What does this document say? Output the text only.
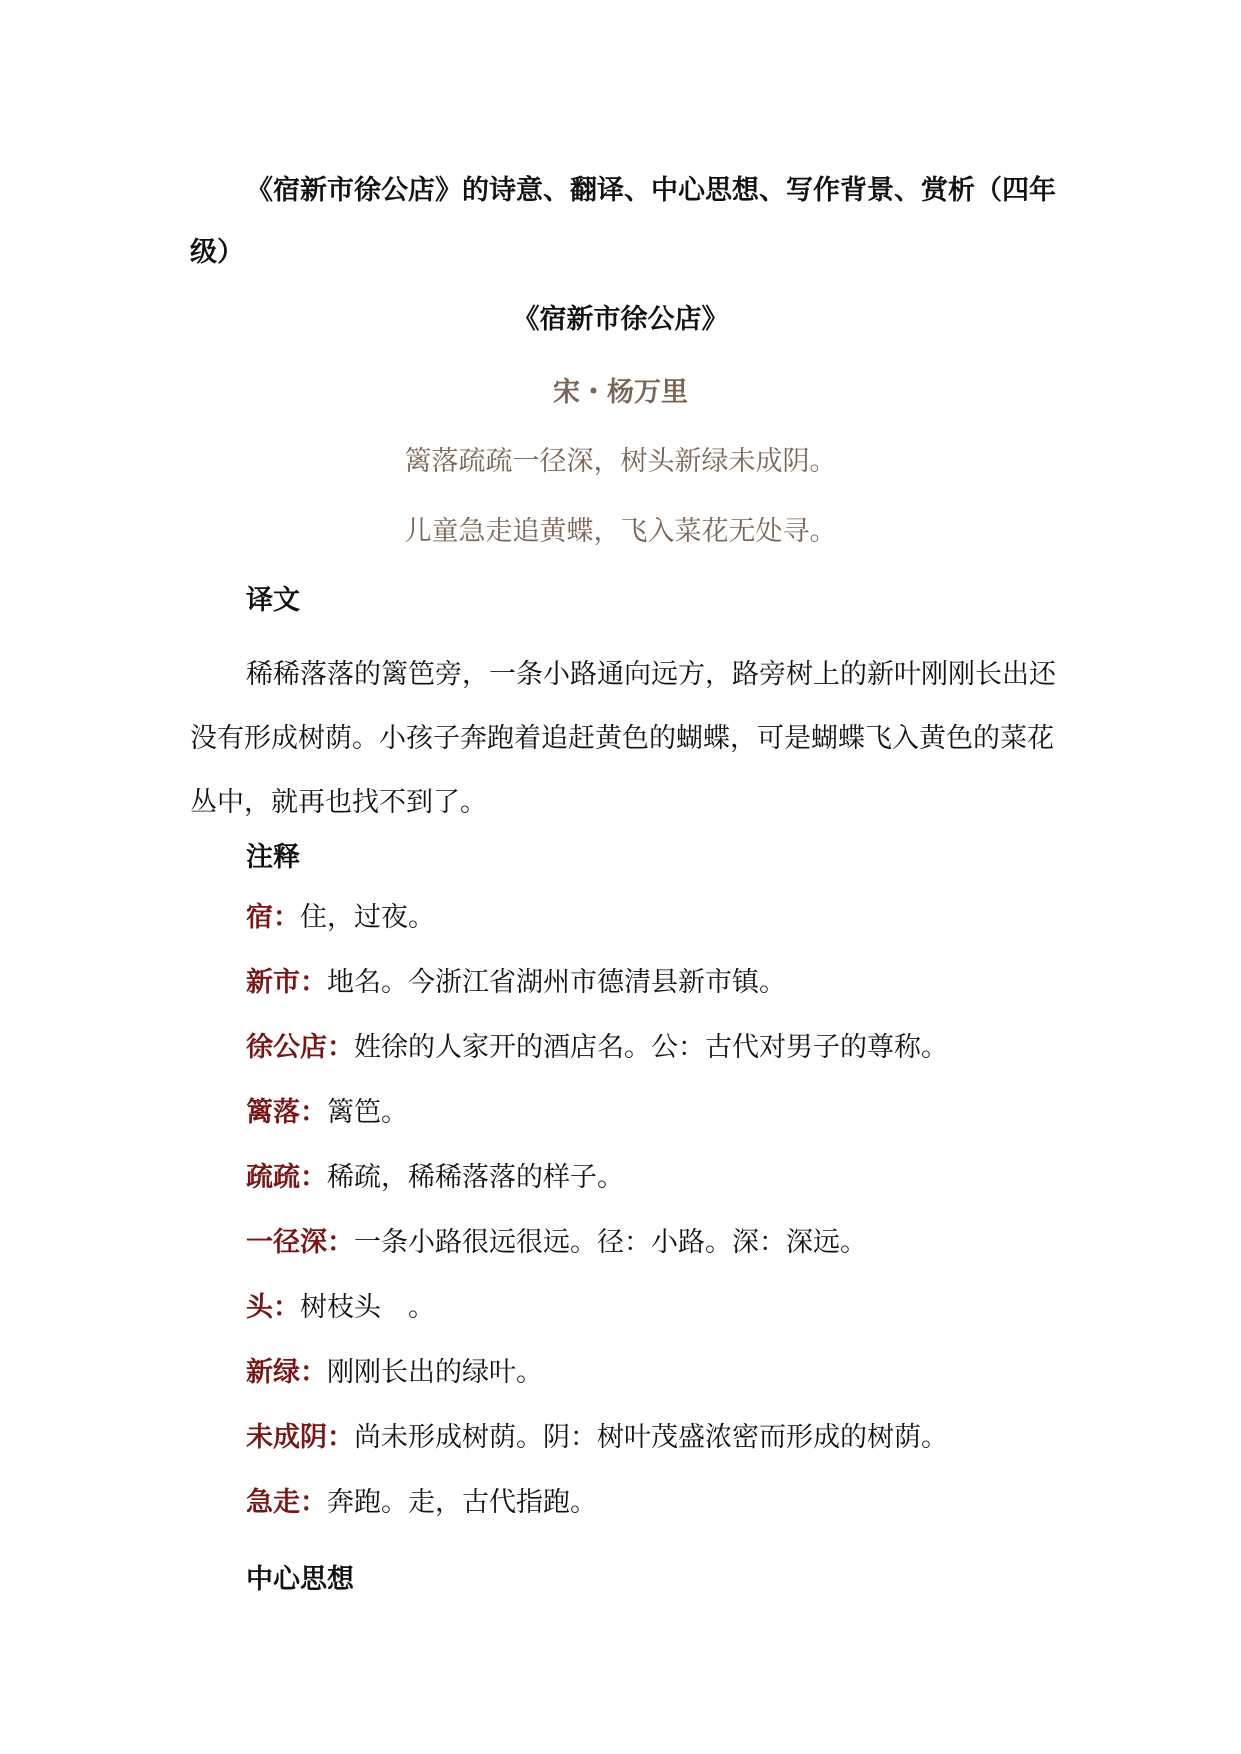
《宿新市徐公店》的诗意、翻译、中心思想、写作背景、赏析（四年级）

《宿新市徐公店》

宋・杨万里

篱落疏疏一径深，树头新绿未成阴。

儿童急走追黄蝶，飞入菜花无处寻。

译文

稀稀落落的篱笆旁，一条小路通向远方，路旁树上的新叶刚刚长出还没有形成树荫。小孩子奔跑着追赶黄色的蝴蝶，可是蝴蝶飞入黄色的菜花丛中，就再也找不到了。

注释

宿：住，过夜。

新市：地名。今浙江省湖州市德清县新市镇。

徐公店：姓徐的人家开的酒店名。公：古代对男子的尊称。

篱落：篱笆。

疏疏：稀疏，稀稀落落的样子。

一径深：一条小路很远很远。径：小路。深：深远。

头：树枝头　。

新绿：刚刚长出的绿叶。

未成阴：尚未形成树荫。阴：树叶茂盛浓密而形成的树荫。

急走：奔跑。走，古代指跑。

中心思想
